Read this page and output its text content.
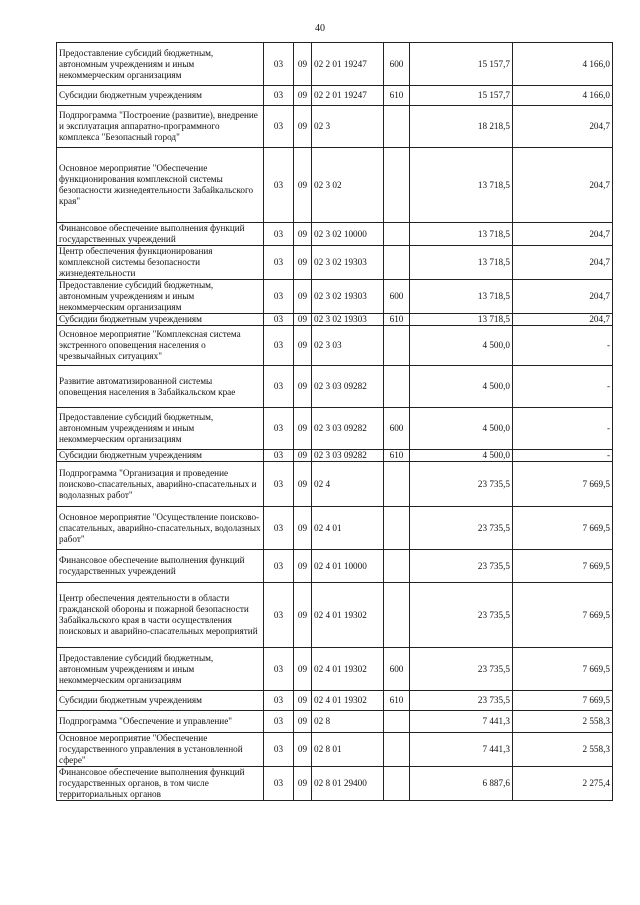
40
Предоставление субсидий бюджетным, автономным учреждениям и иным некоммерческим организациям	03	09	02 2 01 19247	600	15 157,7	4 166,0
Субсидии бюджетным учреждениям	03	09	02 2 01 19247	610	15 157,7	4 166,0
Подпрограмма "Построение (развитие), внедрение и эксплуатация аппаратно-программного комплекса "Безопасный город"	03	09	02 3		18 218,5	204,7
Основное мероприятие "Обеспечение функционирования комплексной системы безопасности жизнедеятельности Забайкальского края"	03	09	02 3 02		13 718,5	204,7
Финансовое обеспечение выполнения функций государственных учреждений	03	09	02 3 02 10000		13 718,5	204,7
Центр обеспечения функционирования комплексной системы безопасности жизнедеятельности	03	09	02 3 02 19303		13 718,5	204,7
Предоставление субсидий бюджетным, автономным учреждениям и иным некоммерческим организациям	03	09	02 3 02 19303	600	13 718,5	204,7
Субсидии бюджетным учреждениям	03	09	02 3 02 19303	610	13 718,5	204,7
Основное мероприятие "Комплексная система экстренного оповещения населения о чрезвычайных ситуациях"	03	09	02 3 03		4 500,0	-
Развитие автоматизированной системы оповещения населения в Забайкальском крае	03	09	02 3 03 09282		4 500,0	-
Предоставление субсидий бюджетным, автономным учреждениям и иным некоммерческим организациям	03	09	02 3 03 09282	600	4 500,0	-
Субсидии бюджетным учреждениям	03	09	02 3 03 09282	610	4 500,0	-
Подпрограмма "Организация и проведение поисково-спасательных, аварийно-спасательных и водолазных работ"	03	09	02 4		23 735,5	7 669,5
Основное мероприятие "Осуществление поисково-спасательных, аварийно-спасательных, водолазных работ"	03	09	02 4 01		23 735,5	7 669,5
Финансовое обеспечение выполнения функций государственных учреждений	03	09	02 4 01 10000		23 735,5	7 669,5
Центр обеспечения деятельности в области гражданской обороны и пожарной безопасности Забайкальского края в части осуществления поисковых и аварийно-спасательных мероприятий	03	09	02 4 01 19302		23 735,5	7 669,5
Предоставление субсидий бюджетным, автономным учреждениям и иным некоммерческим организациям	03	09	02 4 01 19302	600	23 735,5	7 669,5
Субсидии бюджетным учреждениям	03	09	02 4 01 19302	610	23 735,5	7 669,5
Подпрограмма "Обеспечение и управление"	03	09	02 8		7 441,3	2 558,3
Основное мероприятие "Обеспечение государственного управления в установленной сфере"	03	09	02 8 01		7 441,3	2 558,3
Финансовое обеспечение выполнения функций государственных органов, в том числе территориальных органов	03	09	02 8 01 29400		6 887,6	2 275,4
